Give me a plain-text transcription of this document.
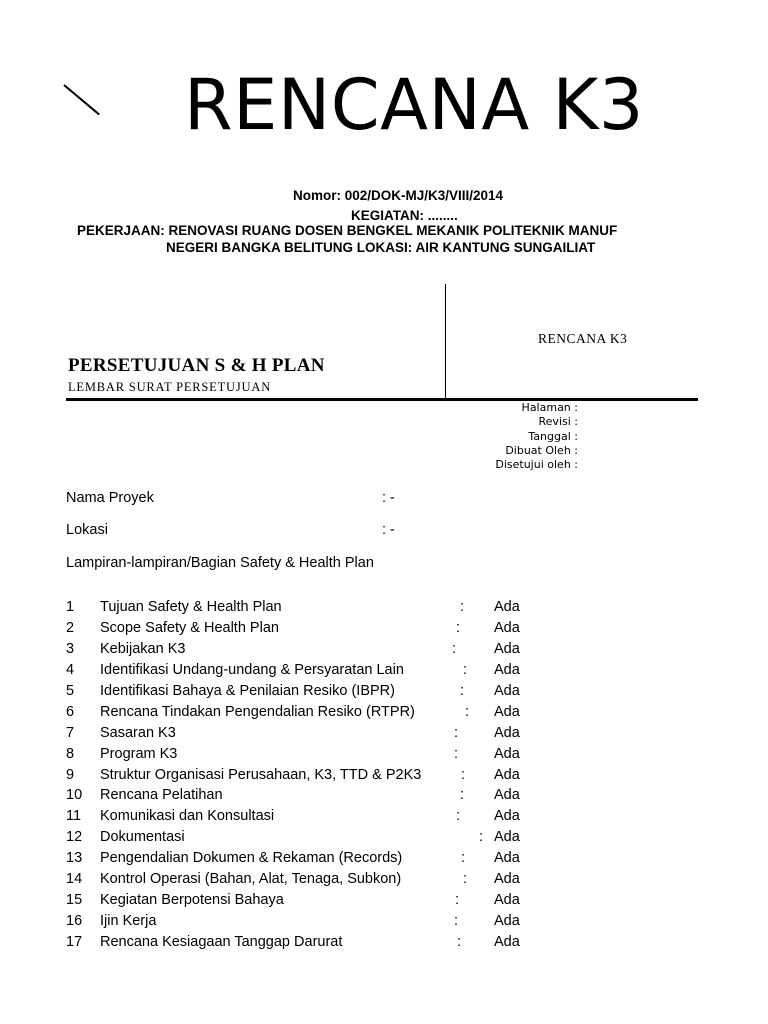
RENCANA K3
Nomor: 002/DOK-MJ/K3/VIII/2014
KEGIATAN: ........
PEKERJAAN: RENOVASI RUANG DOSEN BENGKEL MEKANIK POLITEKNIK MANUF
NEGERI BANGKA BELITUNG LOKASI: AIR KANTUNG SUNGAILIAT
RENCANA K3
PERSETUJUAN S & H PLAN
LEMBAR SURAT PERSETUJUAN
Halaman :
Revisi :
Tanggal :
Dibuat Oleh :
Disetujui oleh :
Nama Proyek	: -
Lokasi	: -
Lampiran-lampiran/Bagian Safety & Health Plan
1 Tujuan Safety & Health Plan	: Ada
2 Scope Safety & Health Plan	: Ada
3 Kebijakan K3	:	Ada
4 Identifikasi Undang-undang & Persyaratan Lain	: Ada
5 Identifikasi Bahaya & Penilaian Resiko (IBPR)	: Ada
6 Rencana Tindakan Pengendalian Resiko (RTPR)	: Ada
7 Sasaran K3	: Ada
8 Program K3	: Ada
9 Struktur Organisasi Perusahaan, K3, TTD & P2K3	: Ada
10 Rencana Pelatihan	: Ada
11 Komunikasi dan Konsultasi	: Ada
12 Dokumentasi	: Ada
13 Pengendalian Dokumen & Rekaman (Records)	: Ada
14 Kontrol Operasi (Bahan, Alat, Tenaga, Subkon)	: Ada
15 Kegiatan Berpotensi Bahaya	: Ada
16 Ijin Kerja	: Ada
17 Rencana Kesiagaan Tanggap Darurat	: Ada
